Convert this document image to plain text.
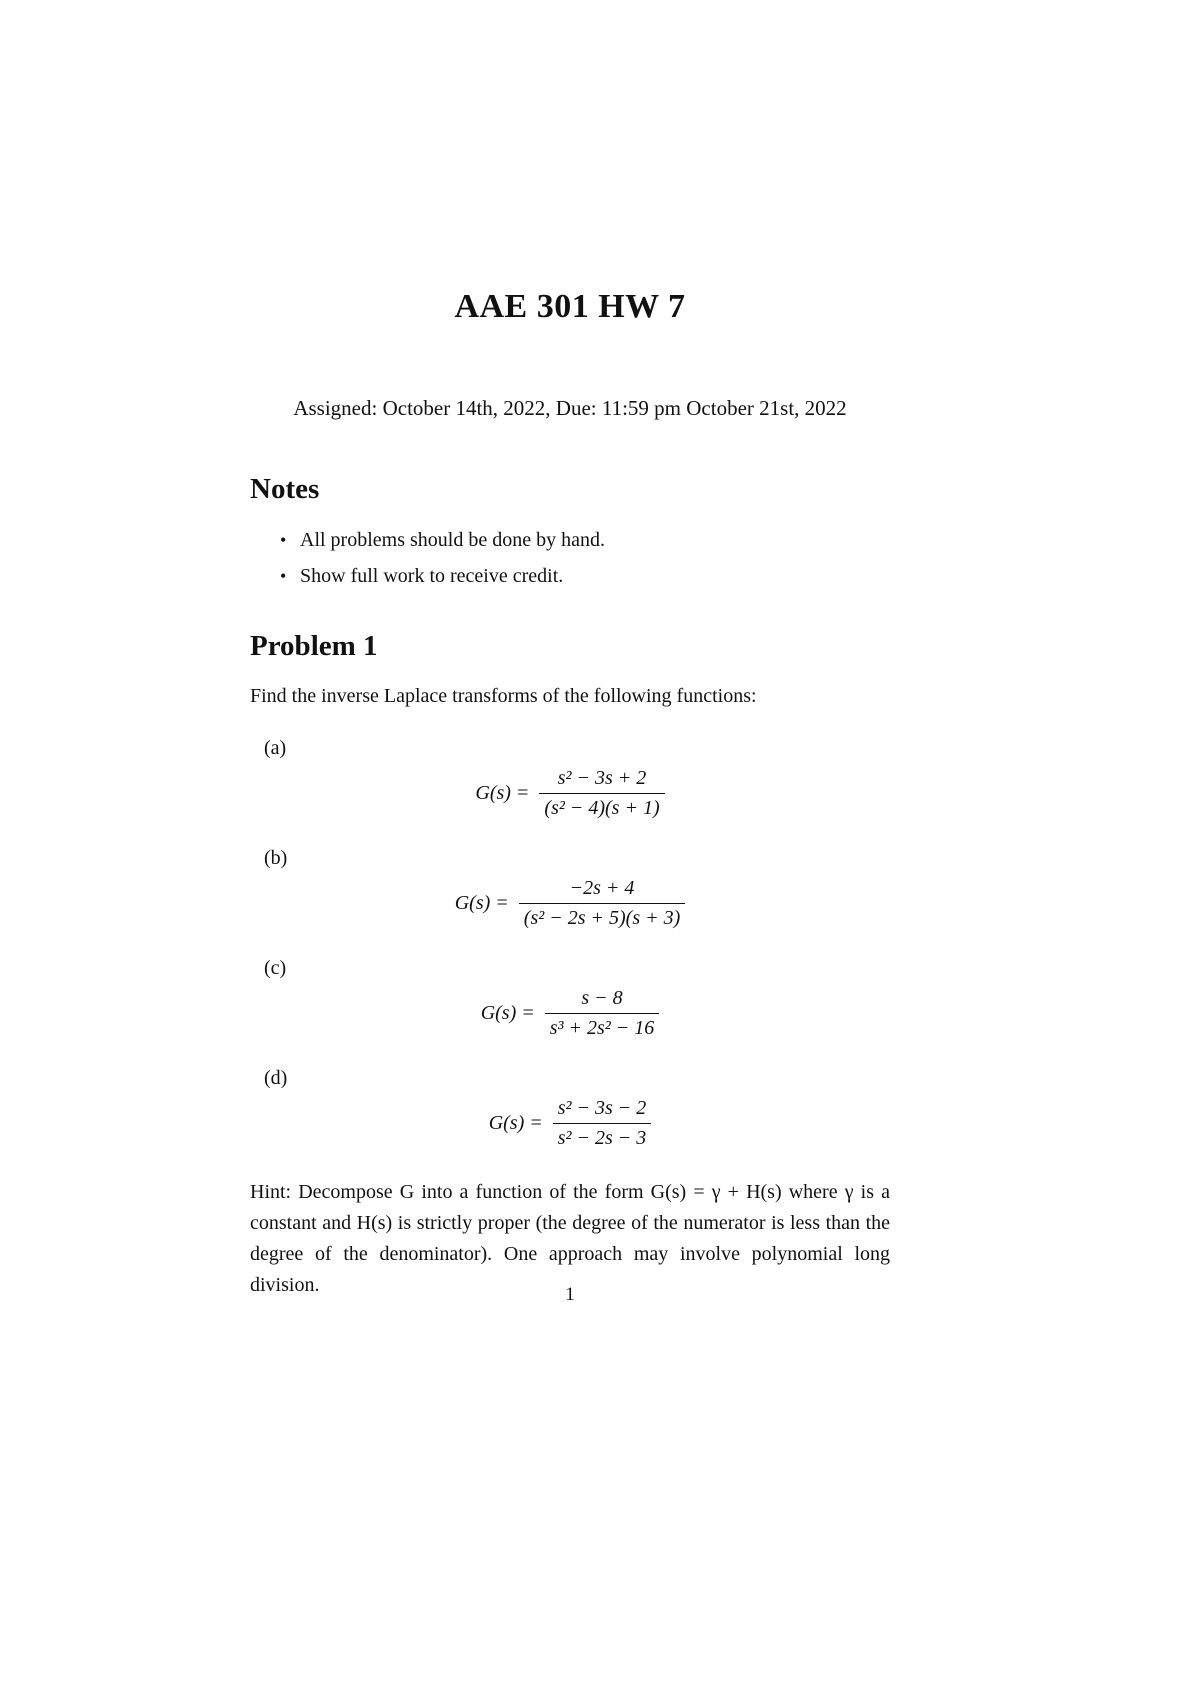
AAE 301 HW 7
Assigned: October 14th, 2022, Due: 11:59 pm October 21st, 2022
Notes
• All problems should be done by hand.
• Show full work to receive credit.
Problem 1
Find the inverse Laplace transforms of the following functions:
(a)
$G(s) = \frac{\text{s² − 3s + 2}}{\text{(s² − 4)(s + 1)}}$
(b)
$G(s) = \frac{-2s + 4}{\text{(s² − 2s + 5)(s + 3)}}$
(c)
$G(s) = \frac{s - 8}{\text{s³ + 2s² − 16}}$
(d)
$G(s) = \frac{\text{s² − 3s − 2}}{\text{s² − 2s − 3}}$
Hint: Decompose G into a function of the form G(s) = γ + H(s) where γ is a constant and H(s) is strictly proper (the degree of the numerator is less than the degree of the denominator). One approach may involve polynomial long division.	1
